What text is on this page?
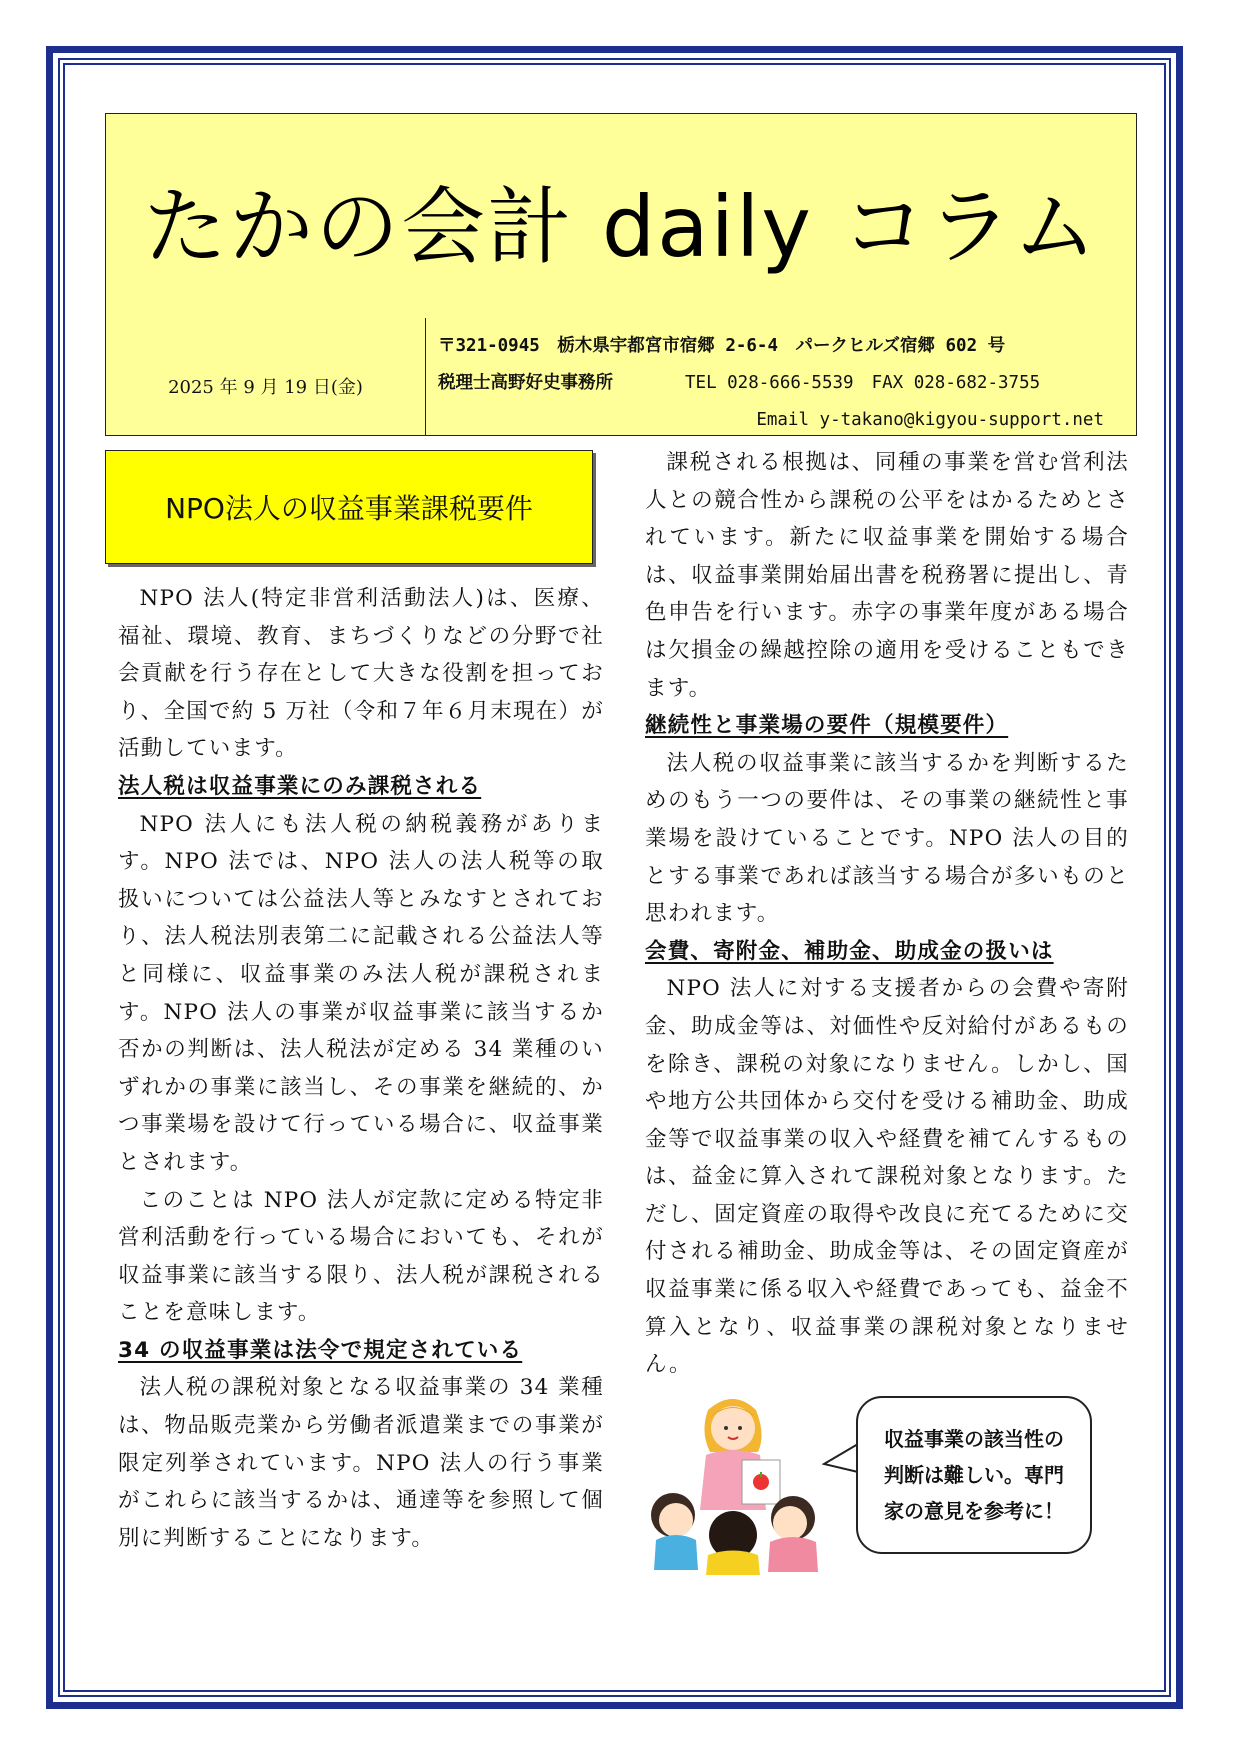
たかの会計 daily コラム
2025 年 9 月 19 日(金)
〒321-0945　栃木県宇都宮市宿郷 2-6-4　パークヒルズ宿郷 602 号
税理士高野好史事務所	TEL 028-666-5539 FAX 028-682-3755
Email y-takano@kigyou-support.net
NPO法人の収益事業課税要件

NPO 法人(特定非営利活動法人)は、医療、福祉、環境、教育、まちづくりなどの分野で社会貢献を行う存在として大きな役割を担っており、全国で約 5 万社（令和７年６月末現在）が活動しています。

法人税は収益事業にのみ課税される

NPO 法人にも法人税の納税義務があります。NPO 法では、NPO 法人の法人税等の取扱いについては公益法人等とみなすとされており、法人税法別表第二に記載される公益法人等と同様に、収益事業のみ法人税が課税されます。NPO 法人の事業が収益事業に該当するか否かの判断は、法人税法が定める 34 業種のいずれかの事業に該当し、その事業を継続的、かつ事業場を設けて行っている場合に、収益事業とされます。

このことは NPO 法人が定款に定める特定非営利活動を行っている場合においても、それが収益事業に該当する限り、法人税が課税されることを意味します。

34 の収益事業は法令で規定されている

法人税の課税対象となる収益事業の 34 業種は、物品販売業から労働者派遣業までの事業が限定列挙されています。NPO 法人の行う事業がこれらに該当するかは、通達等を参照して個別に判断することになります。

課税される根拠は、同種の事業を営む営利法人との競合性から課税の公平をはかるためとされています。新たに収益事業を開始する場合は、収益事業開始届出書を税務署に提出し、青色申告を行います。赤字の事業年度がある場合は欠損金の繰越控除の適用を受けることもできます。

継続性と事業場の要件（規模要件）

法人税の収益事業に該当するかを判断するためのもう一つの要件は、その事業の継続性と事業場を設けていることです。NPO 法人の目的とする事業であれば該当する場合が多いものと思われます。

会費、寄附金、補助金、助成金の扱いは

NPO 法人に対する支援者からの会費や寄附金、助成金等は、対価性や反対給付があるものを除き、課税の対象になりません。しかし、国や地方公共団体から交付を受ける補助金、助成金等で収益事業の収入や経費を補てんするものは、益金に算入されて課税対象となります。ただし、固定資産の取得や改良に充てるために交付される補助金、助成金等は、その固定資産が収益事業に係る収入や経費であっても、益金不算入となり、収益事業の課税対象となりません。

収益事業の該当性の
判断は難しい。専門
家の意見を参考に！
